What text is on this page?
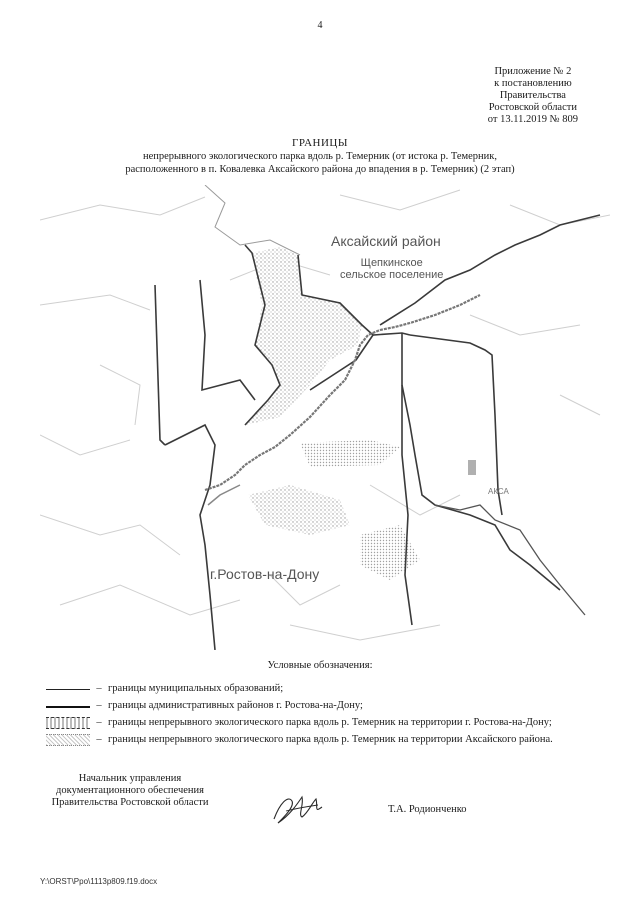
4
Приложение № 2
к постановлению
Правительства
Ростовской области
от 13.11.2019 № 809
ГРАНИЦЫ
непрерывного экологического парка вдоль р. Темерник (от истока р. Темерник,
расположенного в п. Ковалевка Аксайского района до впадения в р. Темерник) (2 этап)
Аксайский район
Щепкинское
сельское поселение
г.Ростов-на-Дону
АКСА
Условные обозначения:
– границы муниципальных образований;
– границы административных районов г. Ростова-на-Дону;
– границы непрерывного экологического парка вдоль р. Темерник на территории г. Ростова-на-Дону;
– границы непрерывного экологического парка вдоль р. Темерник на территории Аксайского района.
Начальник управления
документационного обеспечения
Правительства Ростовской области
Т.А. Родионченко
Y:\ORST\Ppo\1113p809.f19.docx
